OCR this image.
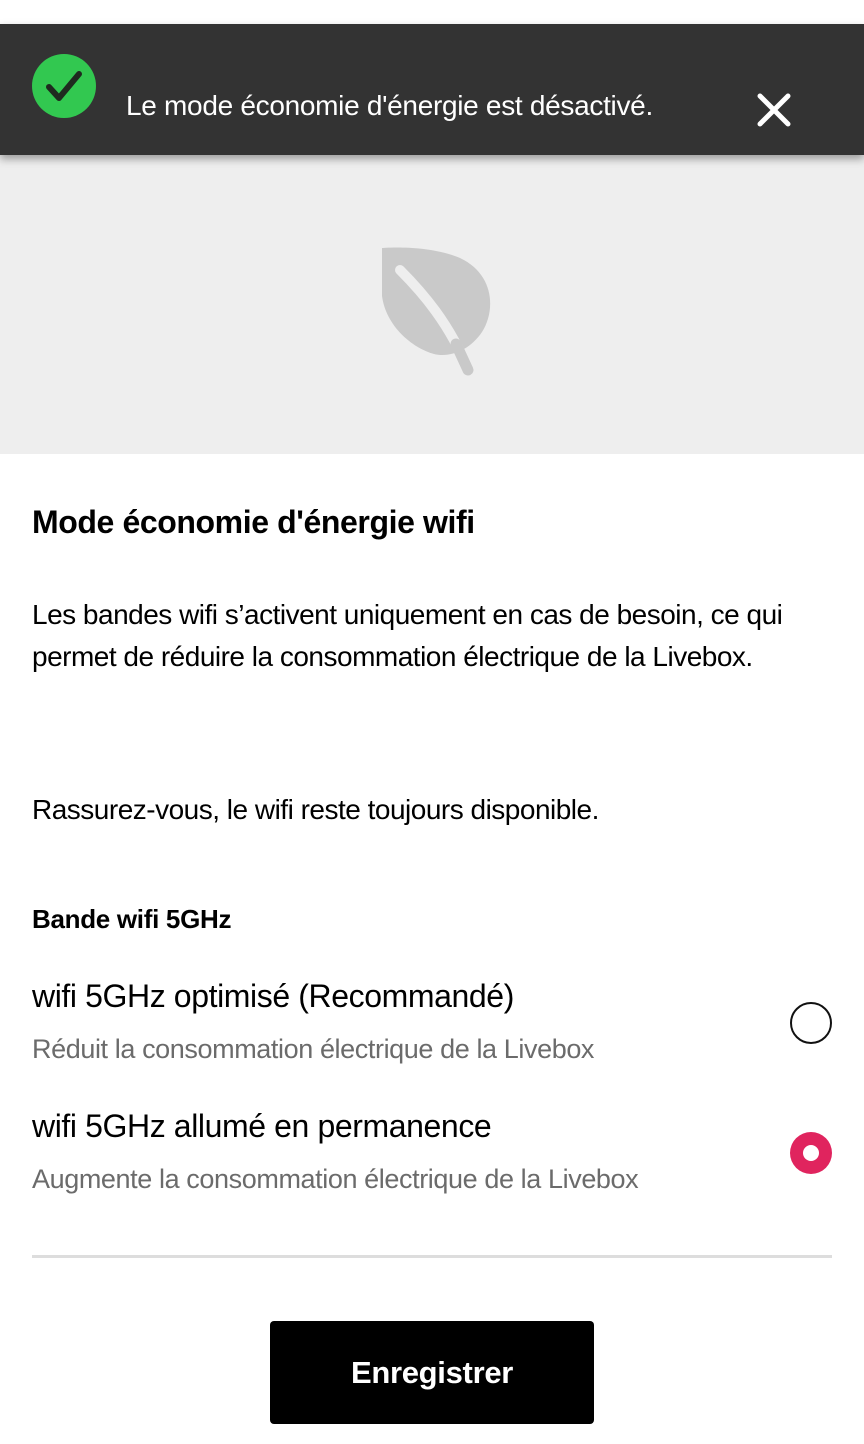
Le mode économie d'énergie est désactivé.
Mode économie d'énergie wifi

Les bandes wifi s’activent uniquement en cas de besoin, ce qui permet de réduire la consommation électrique de la Livebox.

Rassurez-vous, le wifi reste toujours disponible.

Bande wifi 5GHz
wifi 5GHz optimisé (Recommandé)
Réduit la consommation électrique de la Livebox
wifi 5GHz allumé en permanence
Augmente la consommation électrique de la Livebox
Enregistrer
